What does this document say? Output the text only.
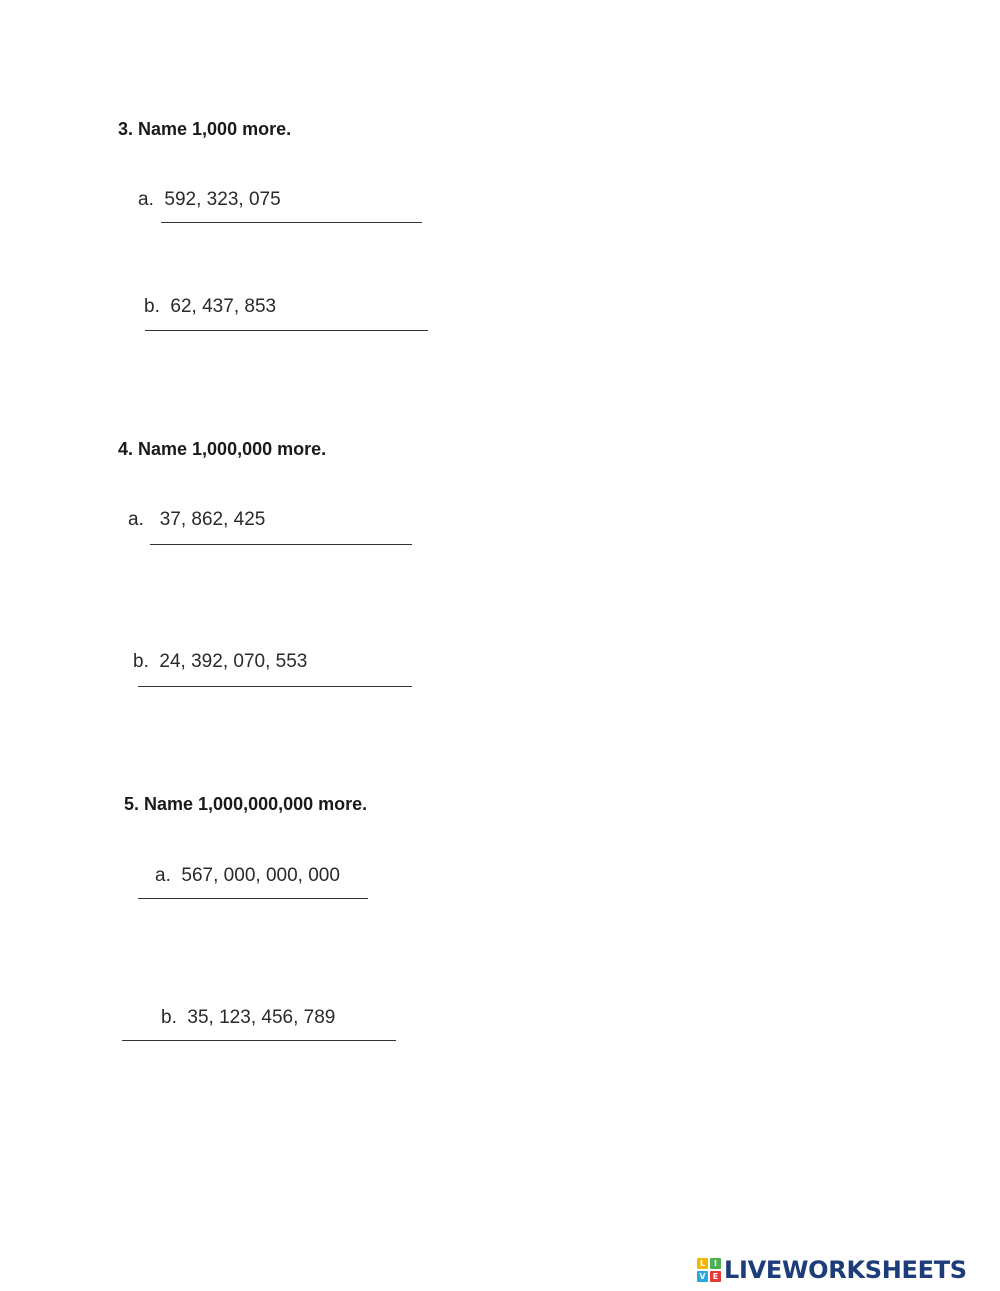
3. Name 1,000 more.
a. 592, 323, 075
b. 62, 437, 853
4. Name 1,000,000 more.
a. 37, 862, 425
b. 24, 392, 070, 553
5. Name 1,000,000,000 more.
a. 567, 000, 000, 000
b. 35, 123, 456, 789
L	I
V E LIVEWORKSHEETS
